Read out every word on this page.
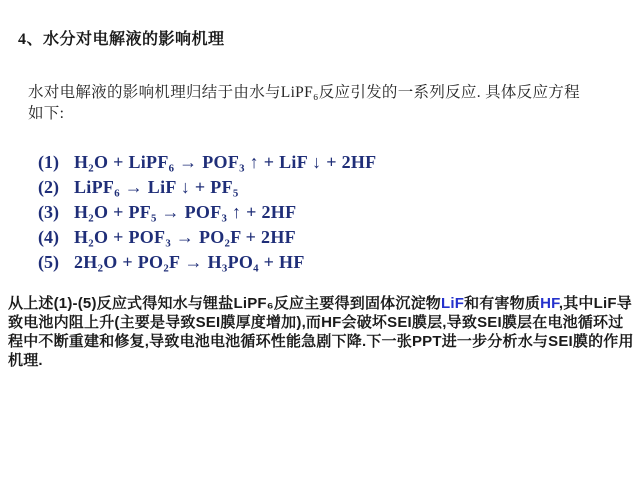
4、水分对电解液的影响机理

水对电解液的影响机理归结于由水与LiPF₆反应引发的一系列反应. 具体反应方程
如下:

(1) H₂O + LiPF₆ → POF₃ ↑ + LiF ↓ + 2HF
(2) LiPF₆ → LiF ↓ + PF₅
(3) H₂O + PF₅ → POF₃ ↑ + 2HF
(4) H₂O + POF₃ → PO₂F + 2HF
(5) 2H₂O + PO₂F → H₃PO₄ + HF

从上述(1)-(5)反应式得知水与锂盐LiPF₆反应主要得到固体沉淀物LiF和有害物质HF,其中LiF导致电池内阻上升(主要是导致SEI膜厚度增加),而HF会破坏SEI膜层,导致SEI膜层在电池循环过程中不断重建和修复,导致电池电池循环性能急剧下降.下一张PPT进一步分析水与SEI膜的作用机理.
